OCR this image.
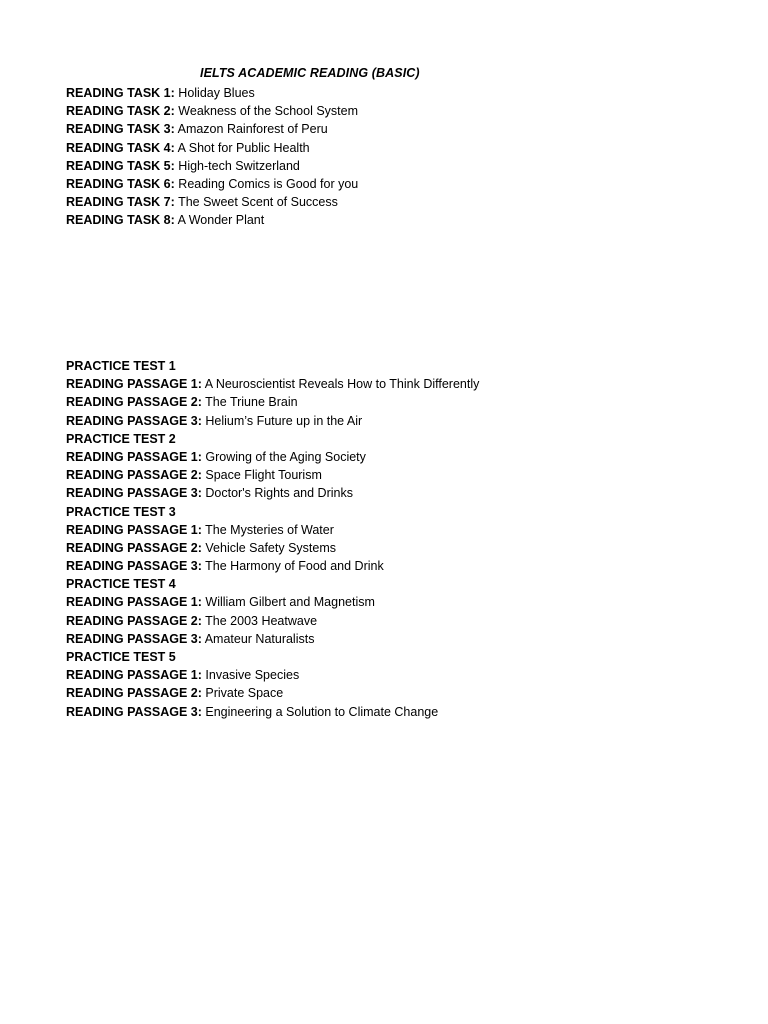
IELTS ACADEMIC READING (BASIC)
READING TASK 1: Holiday Blues
READING TASK 2: Weakness of the School System
READING TASK 3: Amazon Rainforest of Peru
READING TASK 4: A Shot for Public Health
READING TASK 5: High-tech Switzerland
READING TASK 6: Reading Comics is Good for you
READING TASK 7: The Sweet Scent of Success
READING TASK 8: A Wonder Plant
PRACTICE TEST 1
READING PASSAGE 1: A Neuroscientist Reveals How to Think Differently
READING PASSAGE 2: The Triune Brain
READING PASSAGE 3: Helium’s Future up in the Air
PRACTICE TEST 2
READING PASSAGE 1: Growing of the Aging Society
READING PASSAGE 2: Space Flight Tourism
READING PASSAGE 3: Doctor's Rights and Drinks
PRACTICE TEST 3
READING PASSAGE 1: The Mysteries of Water
READING PASSAGE 2: Vehicle Safety Systems
READING PASSAGE 3: The Harmony of Food and Drink
PRACTICE TEST 4
READING PASSAGE 1: William Gilbert and Magnetism
READING PASSAGE 2: The 2003 Heatwave
READING PASSAGE 3: Amateur Naturalists
PRACTICE TEST 5
READING PASSAGE 1: Invasive Species
READING PASSAGE 2: Private Space
READING PASSAGE 3: Engineering a Solution to Climate Change
